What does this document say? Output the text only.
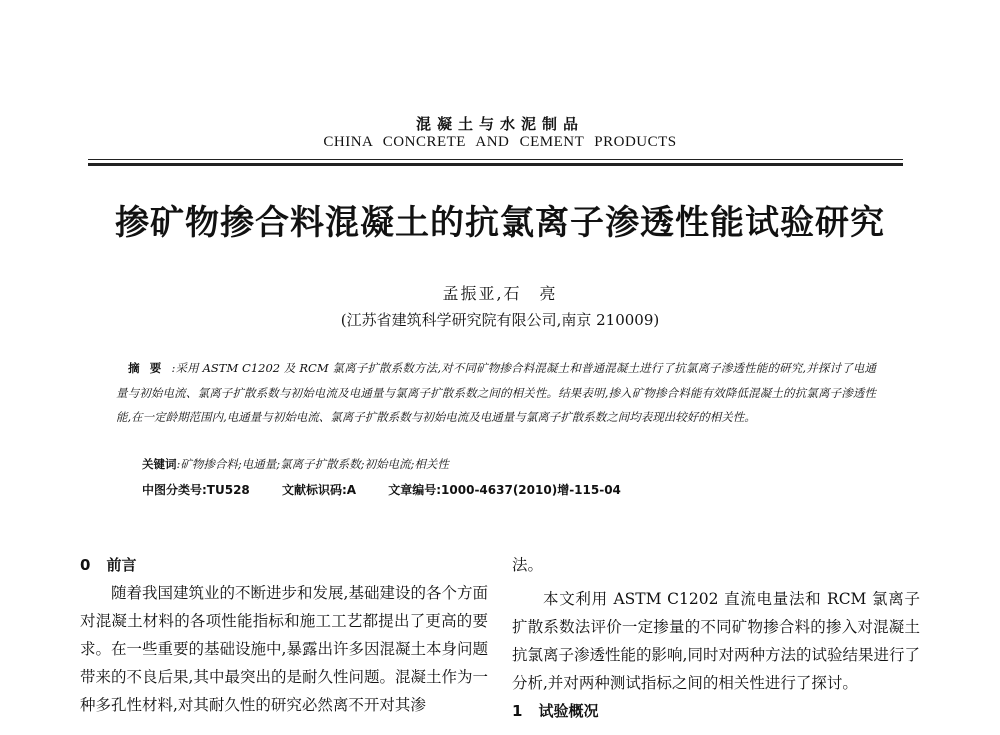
混凝土与水泥制品
CHINA CONCRETE AND CEMENT PRODUCTS
掺矿物掺合料混凝土的抗氯离子渗透性能试验研究
孟振亚,石　亮
(江苏省建筑科学研究院有限公司,南京 210009)
摘要:采用 ASTM C1202 及 RCM 氯离子扩散系数方法,对不同矿物掺合料混凝土和普通混凝土进行了抗氯离子渗透性能的研究,并探讨了电通量与初始电流、氯离子扩散系数与初始电流及电通量与氯离子扩散系数之间的相关性。结果表明,掺入矿物掺合料能有效降低混凝土的抗氯离子渗透性能,在一定龄期范围内,电通量与初始电流、氯离子扩散系数与初始电流及电通量与氯离子扩散系数之间均表现出较好的相关性。
关键词:矿物掺合料;电通量;氯离子扩散系数;初始电流;相关性
中图分类号:TU528	文献标识码:A	文章编号:1000-4637(2010)增-115-04
0 前言

随着我国建筑业的不断进步和发展,基础建设的各个方面对混凝土材料的各项性能指标和施工工艺都提出了更高的要求。在一些重要的基础设施中,暴露出许多因混凝土本身问题带来的不良后果,其中最突出的是耐久性问题。混凝土作为一种多孔性材料,对其耐久性的研究必然离不开对其渗

法。

本文利用 ASTM C1202 直流电量法和 RCM 氯离子扩散系数法评价一定掺量的不同矿物掺合料的掺入对混凝土抗氯离子渗透性能的影响,同时对两种方法的试验结果进行了分析,并对两种测试指标之间的相关性进行了探讨。

1 试验概况
